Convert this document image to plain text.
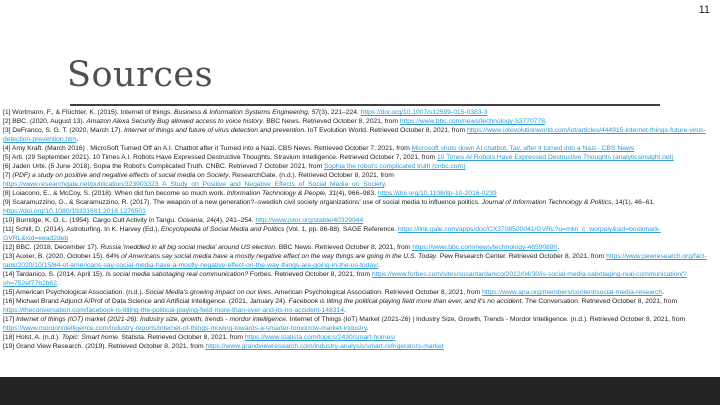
11
Sources

[1] Wortmann, F., & Flüchter, K. (2015). Internet of things. Business & Information Systems Engineering, 57(3), 221–224. https://doi.org/10.1007/s12599-015-0383-3

[2] BBC. (2020, August 13). Amazon Alexa Security Bug allowed access to voice history. BBC News. Retrieved October 8, 2021, from https://www.bbc.com/news/technology-53770778.

[3] DeFranco, S. G. T. (2020, March 17). Internet of things and future of virus detection and prevention. IoT Evolution World. Retrieved October 8, 2021, from https://www.iotevolutionworld.com/iot/articles/444915-internet-things-future-virus-detection-prevention.htm.

[4] Amy Kraft. (March 2016) . MicroSoft Turned Off an A.I. Chatbot after it Turned into a Nazi. CBS News. Retrieved October 7, 2021, from Microsoft shuts down AI chatbot, Tay, after it turned into a Nazi - CBS News

[5] Arti. (29 September 2021). 10 Times A.I. Robots Have Expressed Destructive Thoughts. Stravium Intelligence. Retrieved October 7, 2021, from 10 Times AI Robots Have Expressed Destructive Thoughts (analyticsinsight.net)

[6] Jaden Urbi. (5 June 2018). Sopia the Robot's Complicated Truth. CNBC. Retrieved 7 October 2021, from Sophia the robot's complicated truth (cnbc.com)

[7] (PDF) a study on positive and negative effects of social media on Society. ResearchGate. (n.d.). Retrieved October 8, 2021, from https://www.researchgate.net/publication/323903323_A_Study_on_Positive_and_Negative_Effects_of_Social_Media_on_Society.

[8] Loiacono, E., & McCoy, S. (2018). When did fun become so much work. Information Technology & People, 31(4), 966–983. https://doi.org/10.1108/itp-10-2016-0239

[9] Scaramuzzino, G., & Scaramuzzino, R. (2017). The weapon of a new generation?–swedish civil society organizations' use of social media to influence politics. Journal of Information Technology & Politics, 14(1), 46–61. https://doi.org/10.1080/19331681.2016.1276501

[10] Burridge, K. O. L. (1954). Cargo Cult Activity in Tangu. Oceania, 24(4), 241–254. http://www.jstor.org/stable/40329944

[11] Schill, D. (2014). Astroturfing. In K. Harvey (Ed.), Encyclopedia of Social Media and Politics (Vol. 1, pp. 86-88). SAGE Reference. https://link.gale.com/apps/doc/CX3708500041/GVRL?u=mlin_c_worpoly&sid=bookmark-GVRL&xid=eead2deb

[12] BBC. (2018, December 17). Russia 'meddled in all big social media' around US election. BBC News. Retrieved October 8, 2021, from https://www.bbc.com/news/technology-46590890.

[13] Auxier, B. (2020, October 15). 64% of Americans say social media have a mostly negative effect on the way things are going in the U.S. Today. Pew Research Center. Retrieved October 8, 2021, from https://www.pewresearch.org/fact-tank/2020/10/15/64-of-americans-say-social-media-have-a-mostly-negative-effect-on-the-way-things-are-going-in-the-us-today/.

[14] Tardanico, S. (2014, April 15). Is social media sabotaging real communication? Forbes. Retrieved October 8, 2021, from https://www.forbes.com/sites/susantardanico/2012/04/30/is-social-media-sabotaging-real-communication/?sh=752ef77b2b62.

[15] American Psychological Association. (n.d.). Social Media's growing impact on our lives. American Psychological Association. Retrieved October 8, 2021, from https://www.apa.org/members/content/social-media-research.

[16] Michael Brand Adjunct A/Prof of Data Science and Artificial Intelligence. (2021, January 24). Facebook is tilting the political playing field more than ever, and it's no accident. The Conversation. Retrieved October 8, 2021, from https://theconversation.com/facebook-is-tilting-the-political-playing-field-more-than-ever-and-its-no-accident-148314.

[17] Internet of things (IOT) market (2021-26): Industry size, growth, trends - mordor intelligence. Internet of Things (IoT) Market (2021-26) | Industry Size, Growth, Trends - Mordor Intelligence. (n.d.). Retrieved October 8, 2021, from https://www.mordorintelligence.com/industry-reports/internet-of-things-moving-towards-a-smarter-tomorrow-market-industry.

[18] Holst, A. (n.d.). Topic: Smart home. Statista. Retrieved October 8, 2021, from https://www.statista.com/topics/2430/smart-homes/

[19] Grand View Research. (2019). Retrieved October 8, 2021, from https://www.grandviewresearch.com/industry-analysis/smart-refrigerators-market
